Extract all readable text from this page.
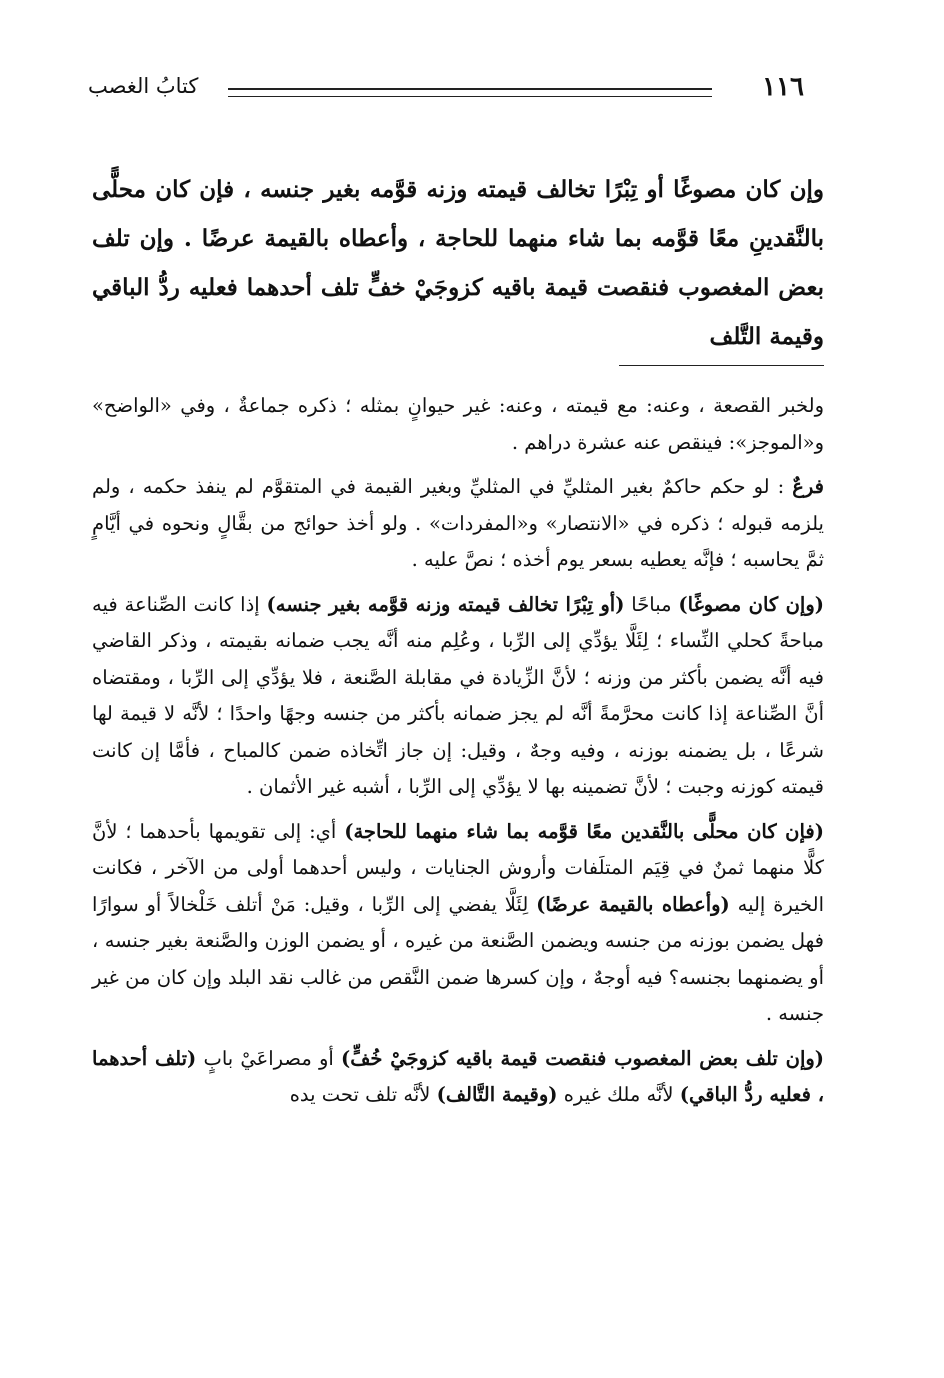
١١٦
كتابُ الغصب
وإن كان مصوغًا أو تِبْرًا تخالف قيمته وزنه قوَّمه بغير جنسه ، فإن كان محلًّى بالنَّقدينِ معًا قوَّمه بما شاء منهما للحاجة ، وأعطاه بالقيمة عرضًا . وإن تلف بعض المغصوب فنقصت قيمة باقيه كزوجَيْ خفٍّ تلف أحدهما فعليه ردُّ الباقي وقيمة التَّلف

ولخبر القصعة ، وعنه: مع قيمته ، وعنه: غير حيوانٍ بمثله ؛ ذكره جماعةٌ ، وفي «الواضح» و«الموجز»: فينقص عنه عشرة دراهم .

فرعٌ : لو حكم حاكمٌ بغير المثليِّ في المثليِّ وبغير القيمة في المتقوَّم لم ينفذ حكمه ، ولم يلزمه قبوله ؛ ذكره في «الانتصار» و«المفردات» . ولو أخذ حوائج من بقَّالٍ ونحوه في أيَّامٍ ثمَّ يحاسبه ؛ فإنَّه يعطيه بسعر يوم أخذه ؛ نصَّ عليه .

(وإن كان مصوغًا) مباحًا (أو تِبْرًا تخالف قيمته وزنه قوَّمه بغير جنسه) إذا كانت الصِّناعة فيه مباحةً كحلي النِّساء ؛ لِئَلَّا يؤدِّي إلى الرِّبا ، وعُلِم منه أنَّه يجب ضمانه بقيمته ، وذكر القاضي فيه أنَّه يضمن بأكثر من وزنه ؛ لأنَّ الزِّيادة في مقابلة الصَّنعة ، فلا يؤدِّي إلى الرِّبا ، ومقتضاه أنَّ الصِّناعة إذا كانت محرَّمةً أنَّه لم يجز ضمانه بأكثر من جنسه وجهًا واحدًا ؛ لأنَّه لا قيمة لها شرعًا ، بل يضمنه بوزنه ، وفيه وجهٌ ، وقيل: إن جاز اتِّخاذه ضمن كالمباح ، فأمَّا إن كانت قيمته كوزنه وجبت ؛ لأنَّ تضمينه بها لا يؤدِّي إلى الرِّبا ، أشبه غير الأثمان .

(فإن كان محلًّى بالنَّقدين معًا قوَّمه بما شاء منهما للحاجة) أي: إلى تقويمها بأحدهما ؛ لأنَّ كلًّا منهما ثمنٌ في قِيَم المتلَفات وأروش الجنايات ، وليس أحدهما أولى من الآخر ، فكانت الخيرة إليه (وأعطاه بالقيمة عرضًا) لِئَلَّا يفضي إلى الرِّبا ، وقيل: مَنْ أتلف خَلْخالاً أو سوارًا فهل يضمن بوزنه من جنسه ويضمن الصَّنعة من غيره ، أو يضمن الوزن والصَّنعة بغير جنسه ، أو يضمنهما بجنسه؟ فيه أوجهٌ ، وإن كسرها ضمن النَّقص من غالب نقد البلد وإن كان من غير جنسه .

(وإن تلف بعض المغصوب فنقصت قيمة باقيه كزوجَيْ خُفٍّ) أو مصراعَيْ بابٍ (تلف أحدهما ، فعليه ردُّ الباقي) لأنَّه ملك غيره (وقيمة التَّالف) لأنَّه تلف تحت يده
